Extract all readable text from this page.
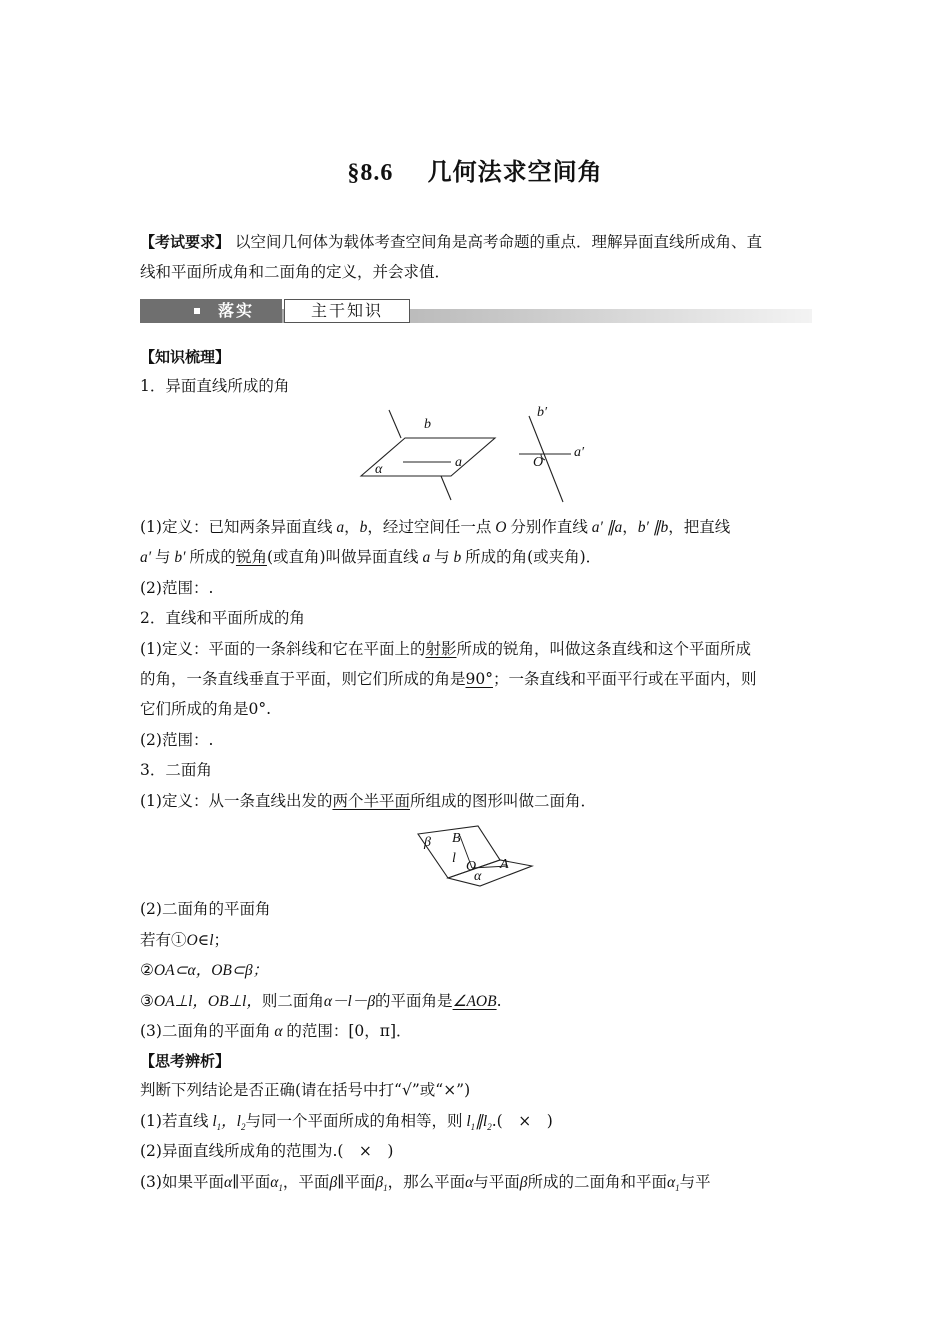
§8.6　 几何法求空间角
【考试要求】 以空间几何体为载体考查空间角是高考命题的重点．理解异面直线所成角、直
线和平面所成角和二面角的定义，并会求值．
落实	主干知识
【知识梳理】
1．异面直线所成的角
b
a
α
b′
a′
O
(1)定义：已知两条异面直线 a，b，经过空间任一点 O 分别作直线 a′ ∥a，b′ ∥b，把直线
a′ 与 b′ 所成的锐角(或直角)叫做异面直线 a 与 b 所成的角(或夹角)．
(2)范围：.
2．直线和平面所成的角
(1)定义：平面的一条斜线和它在平面上的射影所成的锐角，叫做这条直线和这个平面所成
的角，一条直线垂直于平面，则它们所成的角是90°；一条直线和平面平行或在平面内，则
它们所成的角是0°.
(2)范围：.
3．二面角
(1)定义：从一条直线出发的两个半平面所组成的图形叫做二面角．
β B
l
O A
α
(2)二面角的平面角
若有①O∈l；
②OA⊂α，OB⊂β；
③OA⊥l，OB⊥l，则二面角α－l－β的平面角是∠AOB.
(3)二面角的平面角 α 的范围：[0，π]．
【思考辨析】
判断下列结论是否正确(请在括号中打“√”或“×”)
(1)若直线 $l_1$，$l_2$与同一个平面所成的角相等，则 $l_1\parallel l_2$.(　×　)
(2)异面直线所成角的范围为.(　×　)
(3)如果平面α∥平面$\alpha_1$，平面β∥平面$\beta_1$，那么平面α与平面β所成的二面角和平面$\alpha_1$与平
